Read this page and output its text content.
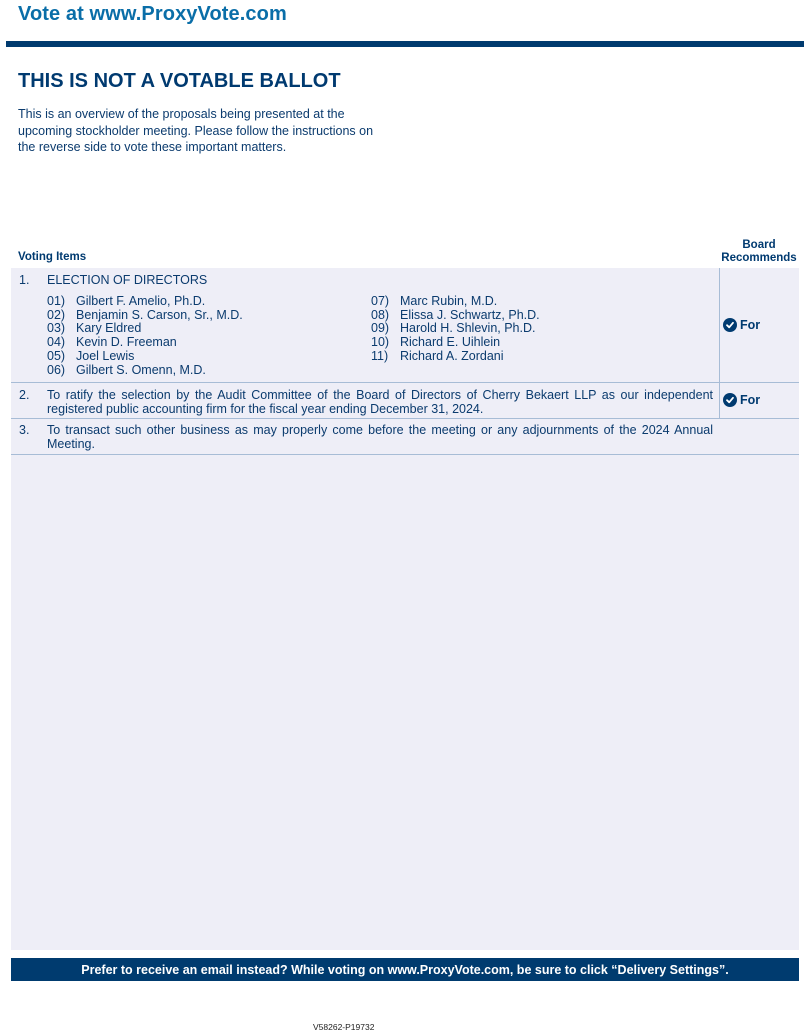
Vote at www.ProxyVote.com
THIS IS NOT A VOTABLE BALLOT
This is an overview of the proposals being presented at the
upcoming stockholder meeting. Please follow the instructions on
the reverse side to vote these important matters.
Voting Items
Board
Recommends
1. ELECTION OF DIRECTORS
01) Gilbert F. Amelio, Ph.D.
02) Benjamin S. Carson, Sr., M.D.
03) Kary Eldred
04) Kevin D. Freeman
05) Joel Lewis
06) Gilbert S. Omenn, M.D.
07) Marc Rubin, M.D.
08) Elissa J. Schwartz, Ph.D.
09) Harold H. Shlevin, Ph.D.
10) Richard E. Uihlein
11) Richard A. Zordani
For
2. To ratify the selection by the Audit Committee of the Board of Directors of Cherry Bekaert LLP as our independent registered public accounting firm for the fiscal year ending December 31, 2024.
For
3. To transact such other business as may properly come before the meeting or any adjournments of the 2024 Annual Meeting.
Prefer to receive an email instead? While voting on www.ProxyVote.com, be sure to click “Delivery Settings”.
V58262-P19732
